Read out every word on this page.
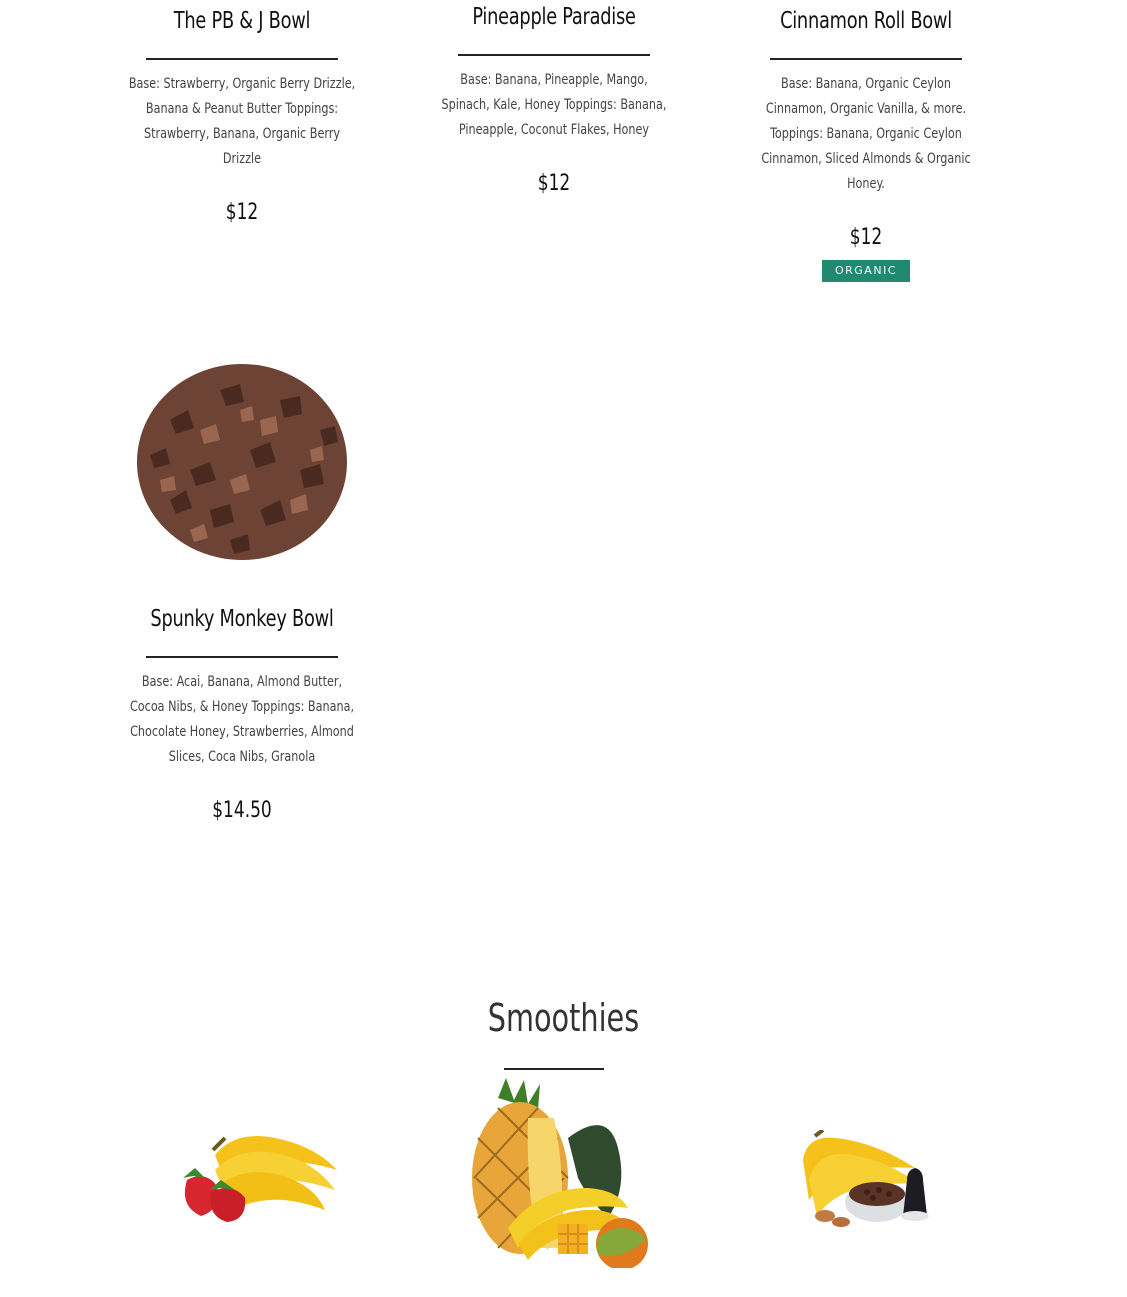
The PB & J Bowl
Base: Strawberry, Organic Berry Drizzle, Banana & Peanut Butter Toppings: Strawberry, Banana, Organic Berry Drizzle
$12
Pineapple Paradise
Base: Banana, Pineapple, Mango, Spinach, Kale, Honey Toppings: Banana, Pineapple, Coconut Flakes, Honey
$12
Cinnamon Roll Bowl
Base: Banana, Organic Ceylon Cinnamon, Organic Vanilla, & more. Toppings: Banana, Organic Ceylon Cinnamon, Sliced Almonds & Organic Honey.
$12
ORGANIC
Spunky Monkey Bowl
Base: Acai, Banana, Almond Butter, Cocoa Nibs, & Honey Toppings: Banana, Chocolate Honey, Strawberries, Almond Slices, Coca Nibs, Granola
$14.50
Smoothies
